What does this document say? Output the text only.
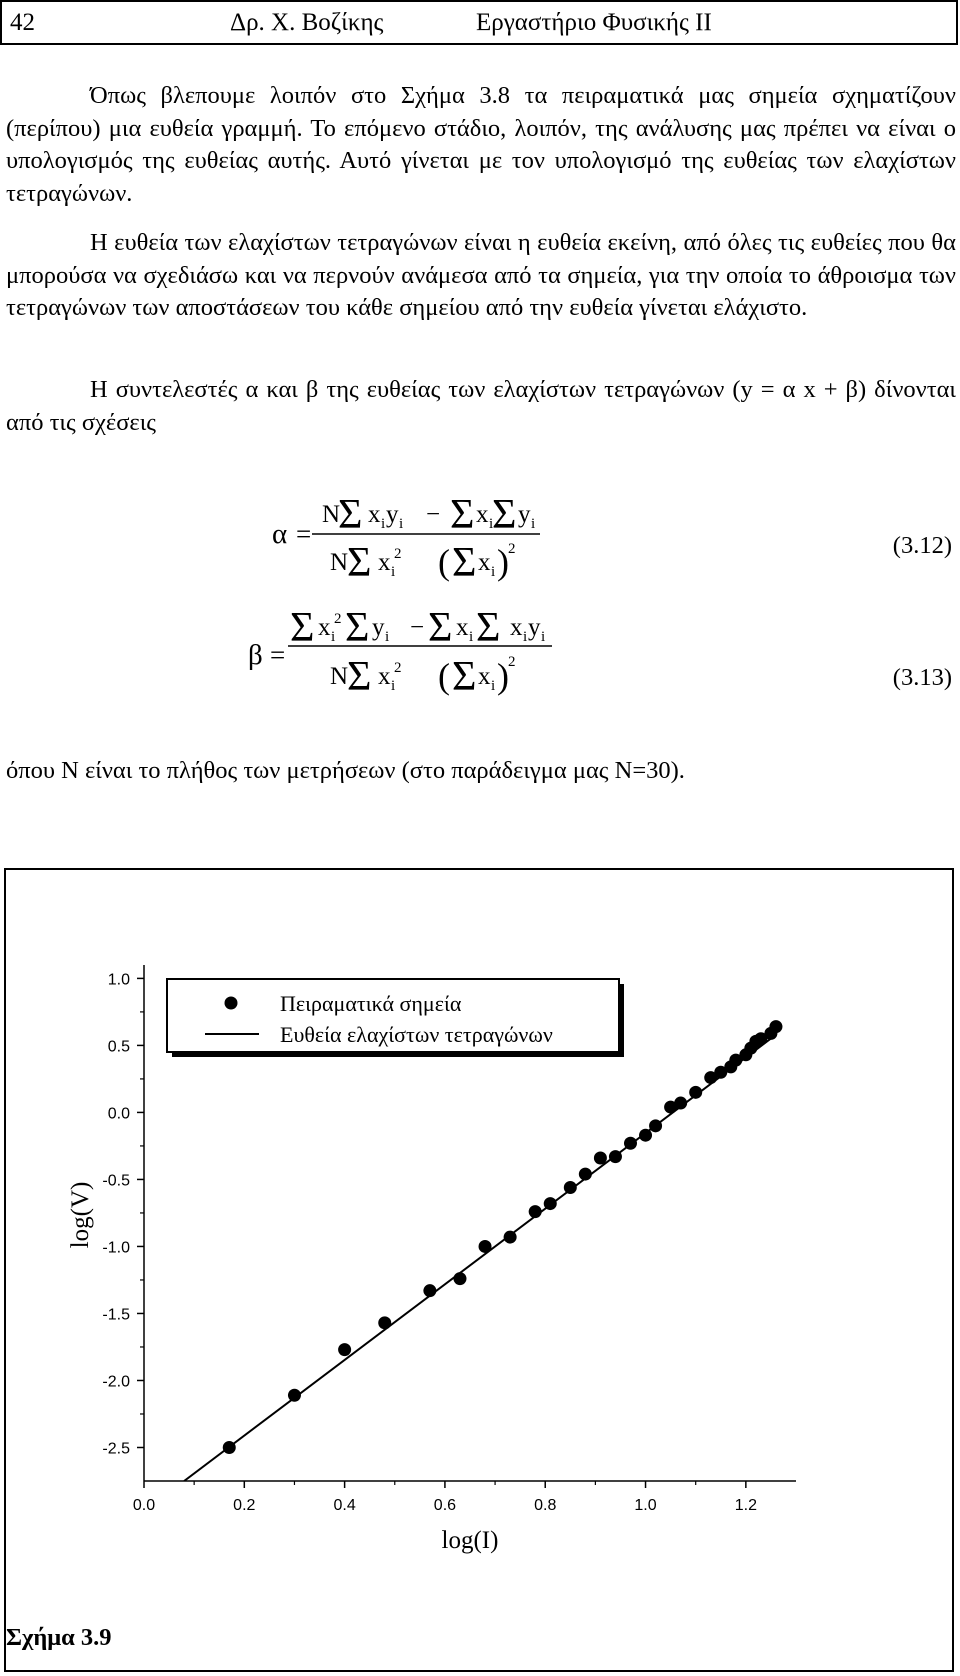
42	Δρ. Χ. Βοζίκης	Εργαστήριο Φυσικής ΙΙ

Όπως βλεπουμε λοιπόν στο Σχήμα 3.8 τα πειραματικά μας σημεία σχηματίζουν (περίπου) μια ευθεία γραμμή. Το επόμενο στάδιο, λοιπόν, της ανάλυσης μας πρέπει να είναι ο υπολογισμός της ευθείας αυτής. Αυτό γίνεται με τον υπολογισμό της ευθείας των ελαχίστων τετραγώνων.

Η ευθεία των ελαχίστων τετραγώνων είναι η ευθεία εκείνη, από όλες τις ευθείες που θα μπορούσα να σχεδιάσω και να περνούν ανάμεσα από τα σημεία, για την οποία το άθροισμα των τετραγώνων των αποστάσεων του κάθε σημείου από την ευθεία γίνεται ελάχιστο.

Η συντελεστές α και β της ευθείας των ελαχίστων τετραγώνων (y = α x + β) δίνονται από τις σχέσεις

α =
N
Σ x i y i − Σ x i
Σ y i
N
Σ x 2
i ( Σ x i ) 2
β =
Σ x 2
i Σ y i − Σ x i Σ x i y i
N
Σ x 2
i ( Σ x i ) 2
(3.12)
(3.13)

όπου Ν είναι το πλήθος των μετρήσεων (στο παράδειγμα μας Ν=30).

0.0	0.2	0.4	0.6	0.8	1.0	1.2
1.0
0.5
0.0
-0.5
-1.0
-1.5
-2.0
-2.5
log(I)
log(V)
Πειραματικά σημεία
Ευθεία ελαχίστων τετραγώνων
Σχήμα 3.9
